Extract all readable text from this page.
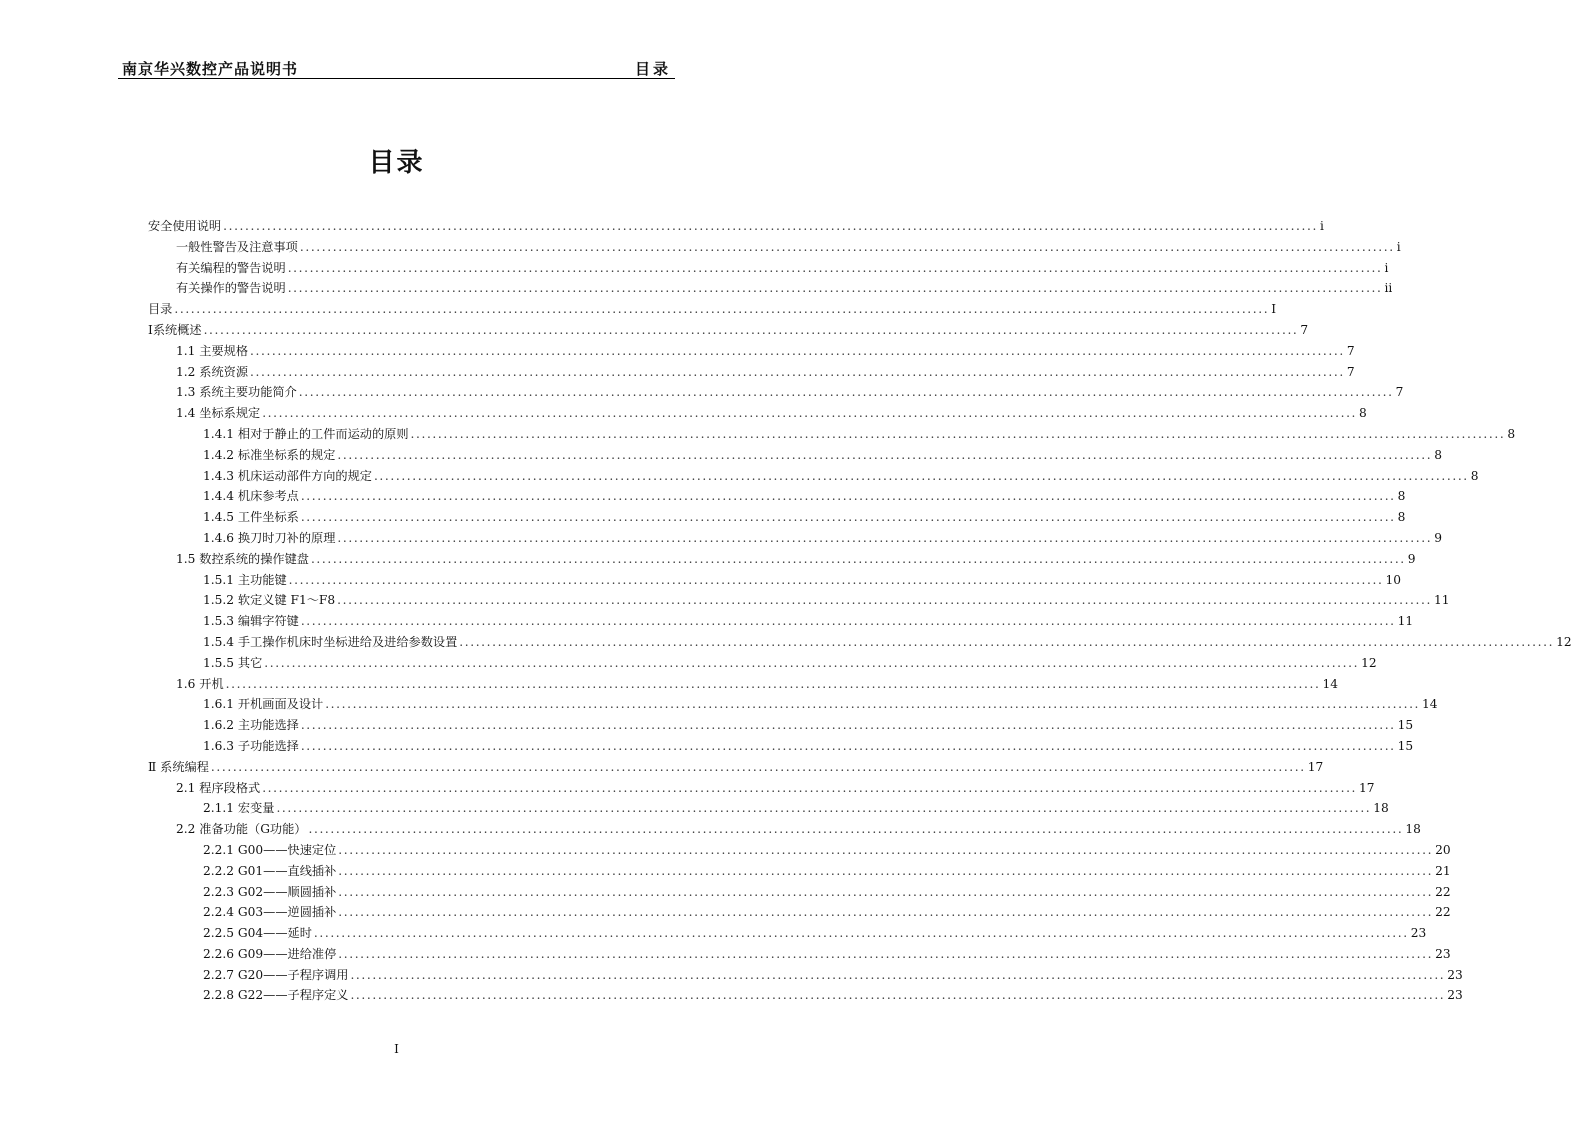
南京华兴数控产品说明书	目录
目录
安全使用说明 ........................................................................................................................................................................................................ i
一般性警告及注意事项 ........................................................................................................................................................................................................ i
有关编程的警告说明 ........................................................................................................................................................................................................ i
有关操作的警告说明 ........................................................................................................................................................................................................ ii
目录 ........................................................................................................................................................................................................ I
Ⅰ系统概述 ........................................................................................................................................................................................................ 7
1.1 主要规格 ........................................................................................................................................................................................................ 7
1.2 系统资源 ........................................................................................................................................................................................................ 7
1.3 系统主要功能简介 ........................................................................................................................................................................................................ 7
1.4 坐标系规定 ........................................................................................................................................................................................................ 8
1.4.1 相对于静止的工件而运动的原则 ........................................................................................................................................................................................................ 8
1.4.2 标准坐标系的规定 ........................................................................................................................................................................................................ 8
1.4.3 机床运动部件方向的规定 ........................................................................................................................................................................................................ 8
1.4.4 机床参考点 ........................................................................................................................................................................................................ 8
1.4.5 工件坐标系 ........................................................................................................................................................................................................ 8
1.4.6 换刀时刀补的原理 ........................................................................................................................................................................................................ 9
1.5 数控系统的操作键盘 ........................................................................................................................................................................................................ 9
1.5.1 主功能键 ........................................................................................................................................................................................................ 10
1.5.2 软定义键 F1～F8 ........................................................................................................................................................................................................ 11
1.5.3 编辑字符键 ........................................................................................................................................................................................................ 11
1.5.4 手工操作机床时坐标进给及进给参数设置 ........................................................................................................................................................................................................ 12
1.5.5 其它 ........................................................................................................................................................................................................ 12
1.6 开机 ........................................................................................................................................................................................................ 14
1.6.1 开机画面及设计 ........................................................................................................................................................................................................ 14
1.6.2 主功能选择 ........................................................................................................................................................................................................ 15
1.6.3 子功能选择 ........................................................................................................................................................................................................ 15
Ⅱ 系统编程 ........................................................................................................................................................................................................ 17
2.1 程序段格式 ........................................................................................................................................................................................................ 17
2.1.1 宏变量 ........................................................................................................................................................................................................ 18
2.2 准备功能（G功能） ........................................................................................................................................................................................................ 18
2.2.1 G00——快速定位 ........................................................................................................................................................................................................ 20
2.2.2 G01——直线插补 ........................................................................................................................................................................................................ 21
2.2.3 G02——顺圆插补 ........................................................................................................................................................................................................ 22
2.2.4 G03——逆圆插补 ........................................................................................................................................................................................................ 22
2.2.5 G04——延时 ........................................................................................................................................................................................................ 23
2.2.6 G09——进给准停 ........................................................................................................................................................................................................ 23
2.2.7 G20——子程序调用 ........................................................................................................................................................................................................ 23
2.2.8 G22——子程序定义 ........................................................................................................................................................................................................ 23
I
